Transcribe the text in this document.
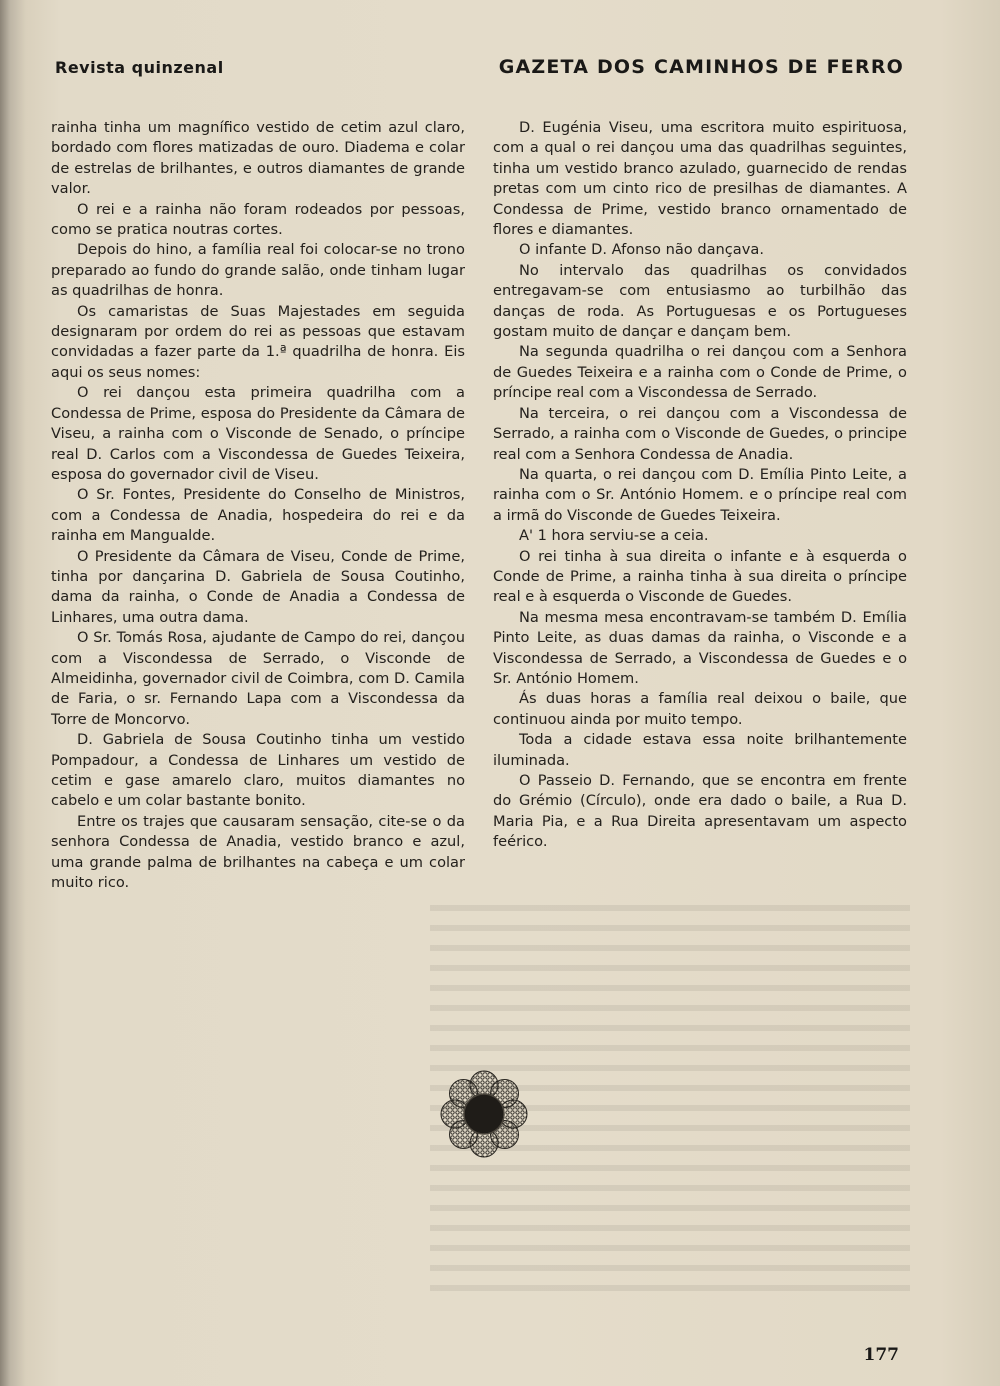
Revista quinzenal	GAZETA DOS CAMINHOS DE FERRO

rainha tinha um magnífico vestido de cetim azul claro, bordado com flores matizadas de ouro. Diadema e colar de estrelas de brilhantes, e outros diamantes de grande valor.

O rei e a rainha não foram rodeados por pessoas, como se pratica noutras cortes.

Depois do hino, a família real foi colocar-se no trono preparado ao fundo do grande salão, onde tinham lugar as quadrilhas de honra.

Os camaristas de Suas Majestades em seguida designaram por ordem do rei as pessoas que estavam convidadas a fazer parte da 1.ª quadrilha de honra. Eis aqui os seus nomes:

O rei dançou esta primeira quadrilha com a Condessa de Prime, esposa do Presidente da Câmara de Viseu, a rainha com o Visconde de Senado, o príncipe real D. Carlos com a Viscondessa de Guedes Teixeira, esposa do governador civil de Viseu.

O Sr. Fontes, Presidente do Conselho de Ministros, com a Condessa de Anadia, hospedeira do rei e da rainha em Mangualde.

O Presidente da Câmara de Viseu, Conde de Prime, tinha por dançarina D. Gabriela de Sousa Coutinho, dama da rainha, o Conde de Anadia a Condessa de Linhares, uma outra dama.

O Sr. Tomás Rosa, ajudante de Campo do rei, dançou com a Viscondessa de Serrado, o Visconde de Almeidinha, governador civil de Coimbra, com D. Camila de Faria, o sr. Fernando Lapa com a Viscondessa da Torre de Moncorvo.

D. Gabriela de Sousa Coutinho tinha um vestido Pompadour, a Condessa de Linhares um vestido de cetim e gase amarelo claro, muitos diamantes no cabelo e um colar bastante bonito.

Entre os trajes que causaram sensação, cite-se o da senhora Condessa de Anadia, vestido branco e azul, uma grande palma de brilhantes na cabeça e um colar muito rico.

D. Eugénia Viseu, uma escritora muito espirituosa, com a qual o rei dançou uma das quadrilhas seguintes, tinha um vestido branco azulado, guarnecido de rendas pretas com um cinto rico de presilhas de diamantes. A Condessa de Prime, vestido branco ornamentado de flores e diamantes.

O infante D. Afonso não dançava.

No intervalo das quadrilhas os convidados entregavam-se com entusiasmo ao turbilhão das danças de roda. As Portuguesas e os Portugueses gostam muito de dançar e dançam bem.

Na segunda quadrilha o rei dançou com a Senhora de Guedes Teixeira e a rainha com o Conde de Prime, o príncipe real com a Viscondessa de Serrado.

Na terceira, o rei dançou com a Viscondessa de Serrado, a rainha com o Visconde de Guedes, o principe real com a Senhora Condessa de Anadia.

Na quarta, o rei dançou com D. Emília Pinto Leite, a rainha com o Sr. António Homem. e o príncipe real com a irmã do Visconde de Guedes Teixeira.

A' 1 hora serviu-se a ceia.

O rei tinha à sua direita o infante e à esquerda o Conde de Prime, a rainha tinha à sua direita o príncipe real e à esquerda o Visconde de Guedes.

Na mesma mesa encontravam-se também D. Emília Pinto Leite, as duas damas da rainha, o Visconde e a Viscondessa de Serrado, a Viscondessa de Guedes e o Sr. António Homem.

Ás duas horas a família real deixou o baile, que continuou ainda por muito tempo.

Toda a cidade estava essa noite brilhantemente iluminada.

O Passeio D. Fernando, que se encontra em frente do Grémio (Círculo), onde era dado o baile, a Rua D. Maria Pia, e a Rua Direita apresentavam um aspecto feérico.

177
